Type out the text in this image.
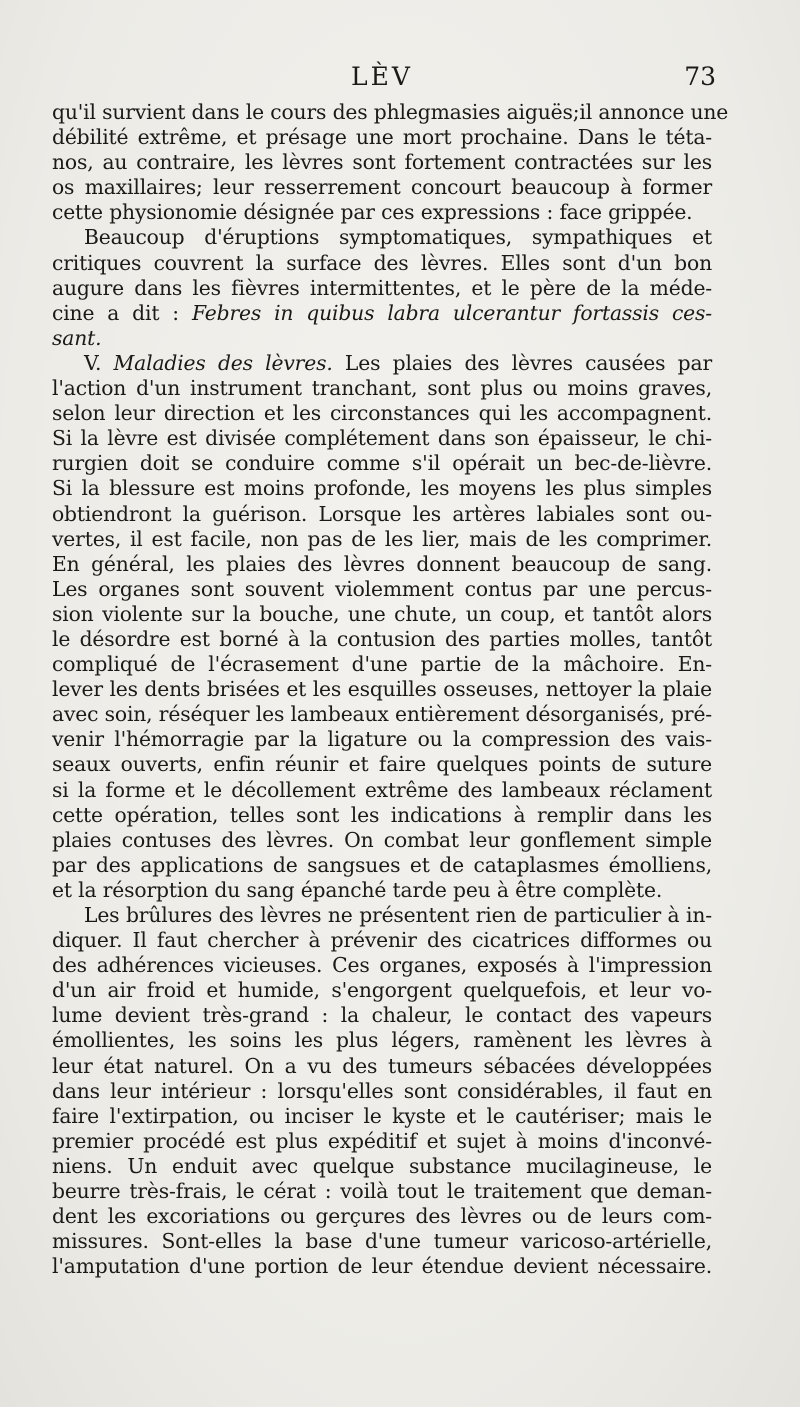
LÈV	73
qu'il survient dans le cours des phlegmasies aiguës;il annonce une
débilité extrême, et présage une mort prochaine. Dans le téta-
nos, au contraire, les lèvres sont fortement contractées sur les
os maxillaires; leur resserrement concourt beaucoup à former
cette physionomie désignée par ces expressions : face grippée.
Beaucoup d'éruptions symptomatiques, sympathiques et
critiques couvrent la surface des lèvres. Elles sont d'un bon
augure dans les fièvres intermittentes, et le père de la méde-
cine a dit : Febres in quibus labra ulcerantur fortassis ces-
sant.
V. Maladies des lèvres. Les plaies des lèvres causées par
l'action d'un instrument tranchant, sont plus ou moins graves,
selon leur direction et les circonstances qui les accompagnent.
Si la lèvre est divisée complétement dans son épaisseur, le chi-
rurgien doit se conduire comme s'il opérait un bec-de-lièvre.
Si la blessure est moins profonde, les moyens les plus simples
obtiendront la guérison. Lorsque les artères labiales sont ou-
vertes, il est facile, non pas de les lier, mais de les comprimer.
En général, les plaies des lèvres donnent beaucoup de sang.
Les organes sont souvent violemment contus par une percus-
sion violente sur la bouche, une chute, un coup, et tantôt alors
le désordre est borné à la contusion des parties molles, tantôt
compliqué de l'écrasement d'une partie de la mâchoire. En-
lever les dents brisées et les esquilles osseuses, nettoyer la plaie
avec soin, réséquer les lambeaux entièrement désorganisés, pré-
venir l'hémorragie par la ligature ou la compression des vais-
seaux ouverts, enfin réunir et faire quelques points de suture
si la forme et le décollement extrême des lambeaux réclament
cette opération, telles sont les indications à remplir dans les
plaies contuses des lèvres. On combat leur gonflement simple
par des applications de sangsues et de cataplasmes émolliens,
et la résorption du sang épanché tarde peu à être complète.
Les brûlures des lèvres ne présentent rien de particulier à in-
diquer. Il faut chercher à prévenir des cicatrices difformes ou
des adhérences vicieuses. Ces organes, exposés à l'impression
d'un air froid et humide, s'engorgent quelquefois, et leur vo-
lume devient très-grand : la chaleur, le contact des vapeurs
émollientes, les soins les plus légers, ramènent les lèvres à
leur état naturel. On a vu des tumeurs sébacées développées
dans leur intérieur : lorsqu'elles sont considérables, il faut en
faire l'extirpation, ou inciser le kyste et le cautériser; mais le
premier procédé est plus expéditif et sujet à moins d'inconvé-
niens. Un enduit avec quelque substance mucilagineuse, le
beurre très-frais, le cérat : voilà tout le traitement que deman-
dent les excoriations ou gerçures des lèvres ou de leurs com-
missures. Sont-elles la base d'une tumeur varicoso-artérielle,
l'amputation d'une portion de leur étendue devient nécessaire.
